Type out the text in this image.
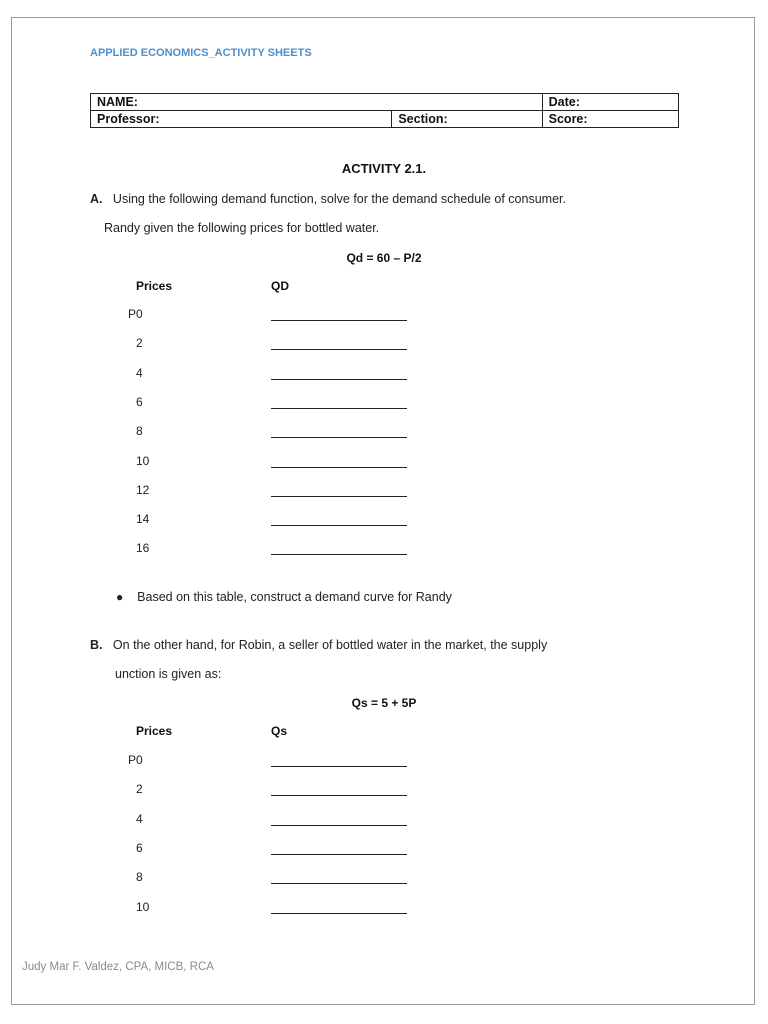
APPLIED ECONOMICS_ACTIVITY SHEETS
NAME:		Date:
Professor:	Section:	Score:
ACTIVITY 2.1.
A. Using the following demand function, solve for the demand schedule of consumer.
Randy given the following prices for bottled water.
Qd = 60 – P/2
Prices	QD
P0
2
4
6
8
10
12
14
16
● Based on this table, construct a demand curve for Randy
B. On the other hand, for Robin, a seller of bottled water in the market, the supply
unction is given as:
Qs = 5 + 5P
Prices	Qs
P0
2
4
6
8
10
Judy Mar F. Valdez, CPA, MICB, RCA
